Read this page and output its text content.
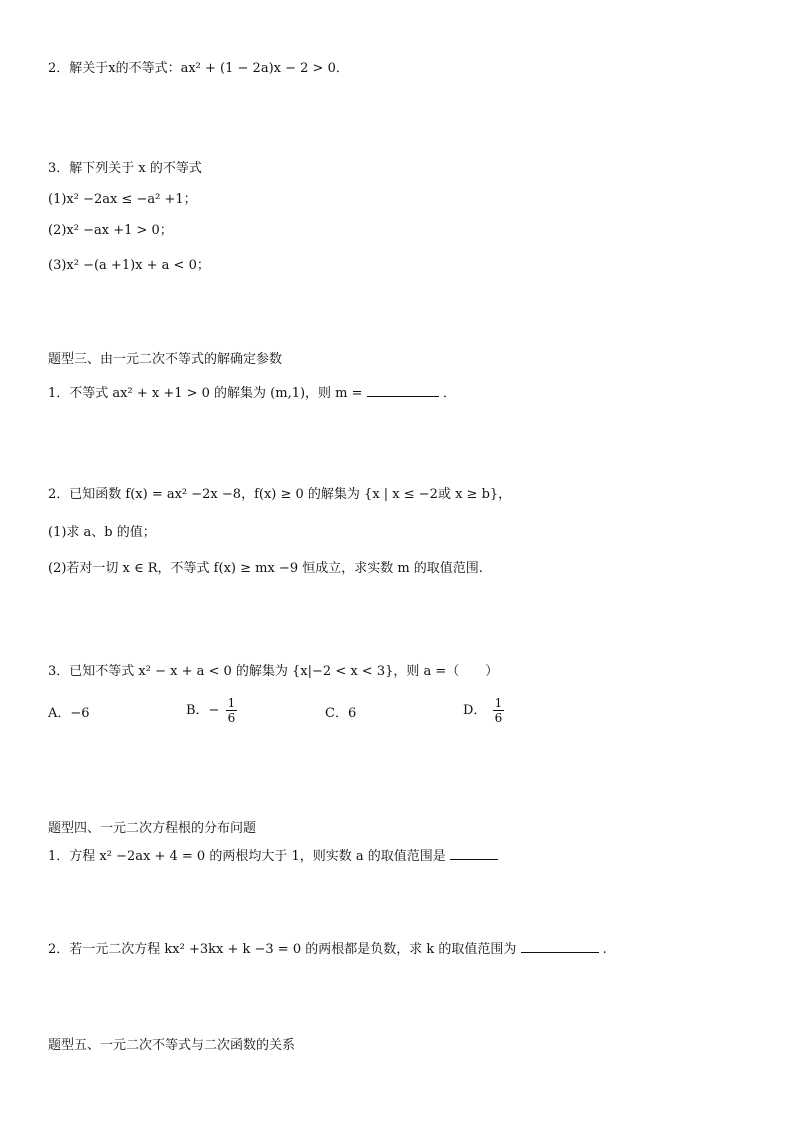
2．解关于x的不等式：ax² + (1 − 2a)x − 2 > 0．
3．解下列关于 x 的不等式
(1)x² −2ax ≤ −a² +1；
(2)x² −ax +1 > 0；
(3)x² −(a +1)x + a < 0；
题型三、由一元二次不等式的解确定参数
1．不等式 ax² + x +1 > 0 的解集为 (m,1)，则 m =	．
2．已知函数 f(x) = ax² −2x −8，f(x) ≥ 0 的解集为 {x | x ≤ −2或 x ≥ b}，
(1)求 a、b 的值；
(2)若对一切 x ∈ R，不等式 f(x) ≥ mx −9 恒成立，求实数 m 的取值范围.
3．已知不等式 x² − x + a < 0 的解集为 {x|−2 < x < 3}，则 a =（　　）
A．−6	B．− $\frac{1}{6}$	C．6	D． $\frac{1}{6}$
题型四、一元二次方程根的分布问题
1．方程 x² −2ax + 4 = 0 的两根均大于 1，则实数 a 的取值范围是
2．若一元二次方程 kx² +3kx + k −3 = 0 的两根都是负数，求 k 的取值范围为	.
题型五、一元二次不等式与二次函数的关系
